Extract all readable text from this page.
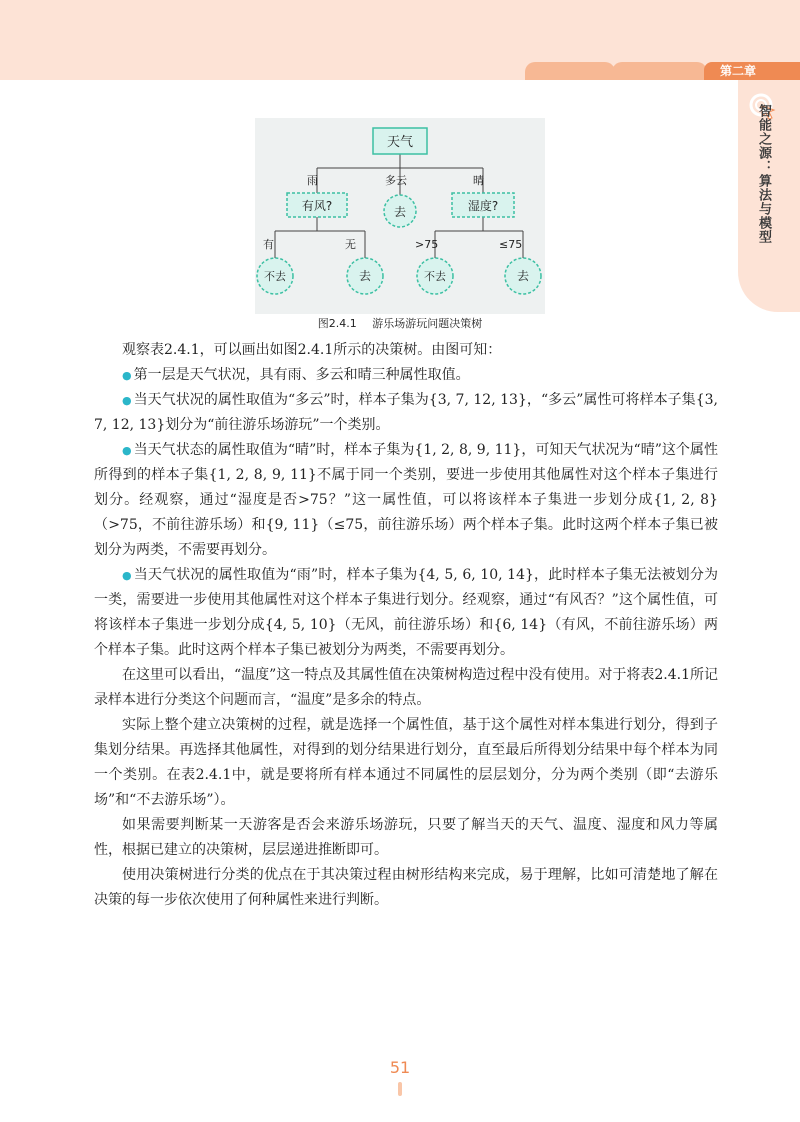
第二章
智能之源：算法与模型
天气
雨	多云	晴
有风?	去	湿度?
有	无	>75	≤75
不去	去	不去	去
图2.4.1 游乐场游玩问题决策树

观察表2.4.1，可以画出如图2.4.1所示的决策树。由图可知：

● 第一层是天气状况，具有雨、多云和晴三种属性取值。

● 当天气状况的属性取值为“多云”时，样本子集为{3, 7, 12, 13}，“多云”属性可将样本子集{3, 7, 12, 13}划分为“前往游乐场游玩”一个类别。

● 当天气状态的属性取值为“晴”时，样本子集为{1, 2, 8, 9, 11}，可知天气状况为“晴”这个属性所得到的样本子集{1, 2, 8, 9, 11}不属于同一个类别，要进一步使用其他属性对这个样本子集进行划分。经观察，通过“湿度是否>75？”这一属性值，可以将该样本子集进一步划分成{1, 2, 8}（>75，不前往游乐场）和{9, 11}（≤75，前往游乐场）两个样本子集。此时这两个样本子集已被划分为两类，不需要再划分。

● 当天气状况的属性取值为“雨”时，样本子集为{4, 5, 6, 10, 14}，此时样本子集无法被划分为一类，需要进一步使用其他属性对这个样本子集进行划分。经观察，通过“有风否？”这个属性值，可将该样本子集进一步划分成{4, 5, 10}（无风，前往游乐场）和{6, 14}（有风，不前往游乐场）两个样本子集。此时这两个样本子集已被划分为两类，不需要再划分。

在这里可以看出，“温度”这一特点及其属性值在决策树构造过程中没有使用。对于将表2.4.1所记录样本进行分类这个问题而言，“温度”是多余的特点。

实际上整个建立决策树的过程，就是选择一个属性值，基于这个属性对样本集进行划分，得到子集划分结果。再选择其他属性，对得到的划分结果进行划分，直至最后所得划分结果中每个样本为同一个类别。在表2.4.1中，就是要将所有样本通过不同属性的层层划分，分为两个类别（即“去游乐场”和“不去游乐场”）。

如果需要判断某一天游客是否会来游乐场游玩，只要了解当天的天气、温度、湿度和风力等属性，根据已建立的决策树，层层递进推断即可。

使用决策树进行分类的优点在于其决策过程由树形结构来完成，易于理解，比如可清楚地了解在决策的每一步依次使用了何种属性来进行判断。

51
